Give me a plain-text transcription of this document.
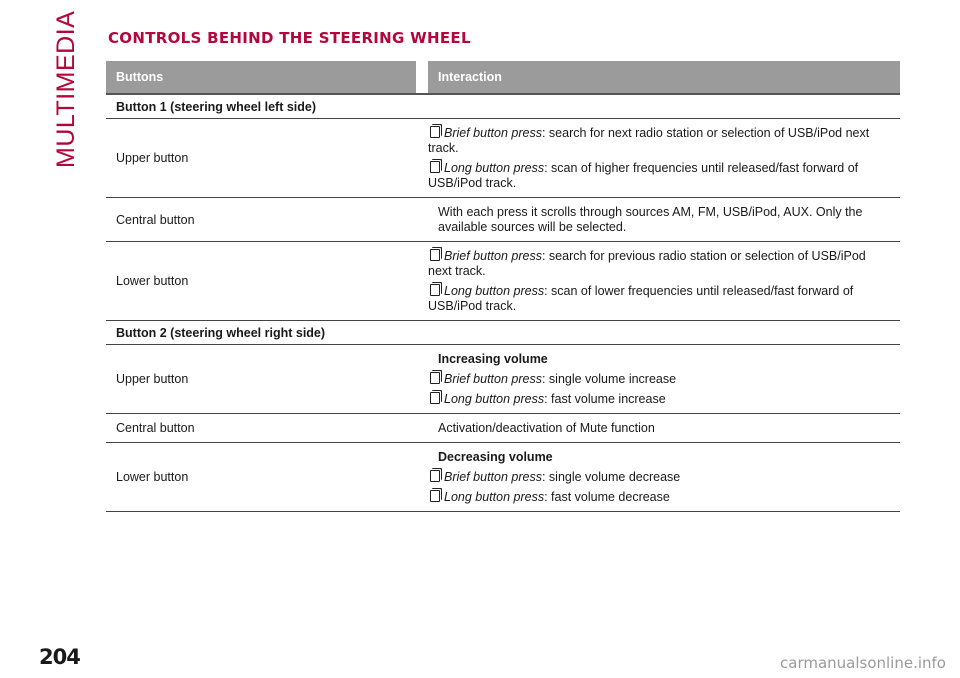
MULTIMEDIA CONTROLS BEHIND THE STEERING WHEEL
Buttons		Interaction
Button 1 (steering wheel left side)		
Upper button		Brief button press: search for next radio station or selection of USB/iPod next track.
Long button press: scan of higher frequencies until released/fast forward of USB/iPod track.

Central button		With each press it scrolls through sources AM, FM, USB/iPod, AUX. Only the available sources will be selected.

Lower button		Brief button press: search for previous radio station or selection of USB/iPod next track.
Long button press: scan of lower frequencies until released/fast forward of USB/iPod track.

Button 2 (steering wheel right side)		
Upper button		Increasing volume
Brief button press: single volume increase
Long button press: fast volume increase

Central button		Activation/deactivation of Mute function

Lower button		Decreasing volume
Brief button press: single volume decrease
Long button press: fast volume decrease
204	carmanualsonline.info
